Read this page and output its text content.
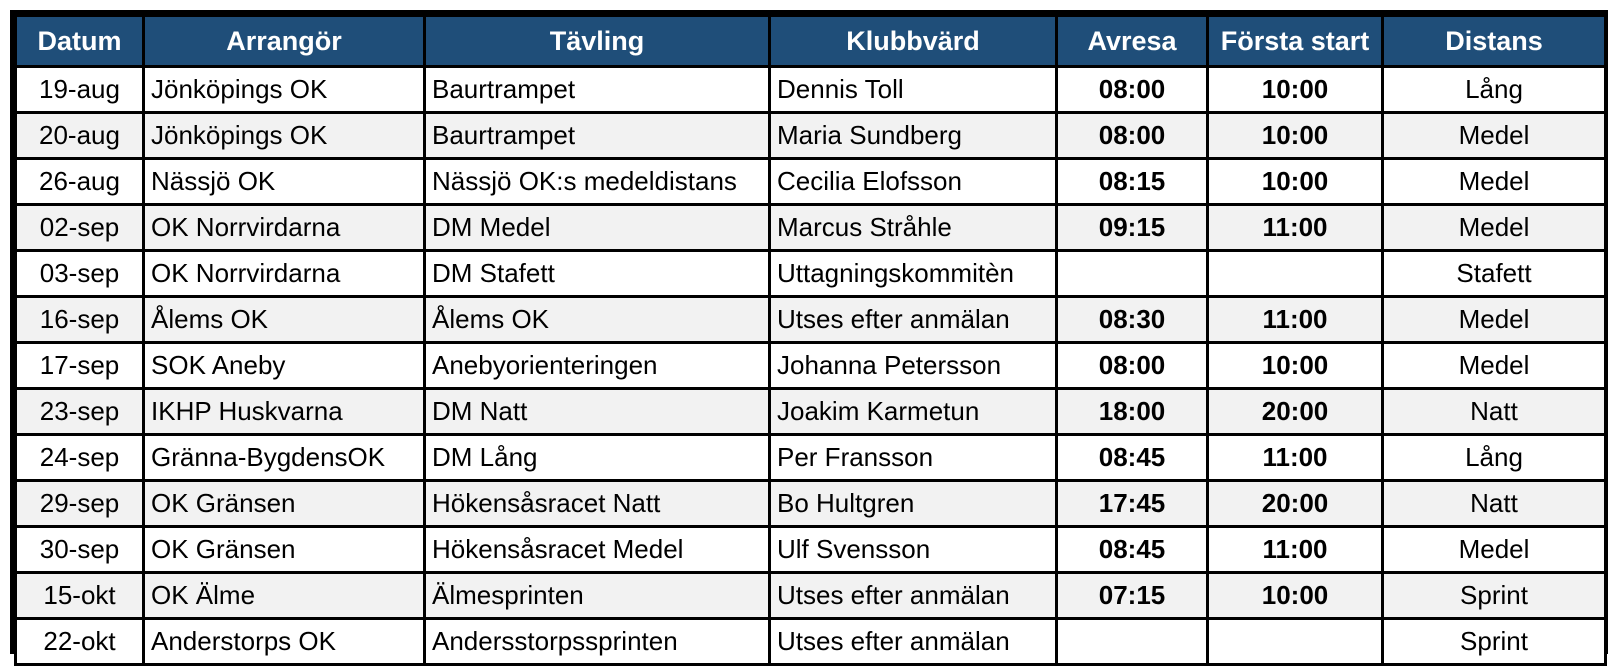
Datum	Arrangör	Tävling	Klubbvärd	Avresa	Första start	Distans
19-aug	Jönköpings OK	Baurtrampet	Dennis Toll	08:00	10:00	Lång
20-aug	Jönköpings OK	Baurtrampet	Maria Sundberg	08:00	10:00	Medel
26-aug	Nässjö OK	Nässjö OK:s medeldistans	Cecilia Elofsson	08:15	10:00	Medel
02-sep	OK Norrvirdarna	DM Medel	Marcus Stråhle	09:15	11:00	Medel
03-sep	OK Norrvirdarna	DM Stafett	Uttagningskommitèn			Stafett
16-sep	Ålems OK	Ålems OK	Utses efter anmälan	08:30	11:00	Medel
17-sep	SOK Aneby	Anebyorienteringen	Johanna Petersson	08:00	10:00	Medel
23-sep	IKHP Huskvarna	DM Natt	Joakim Karmetun	18:00	20:00	Natt
24-sep	Gränna-BygdensOK	DM Lång	Per Fransson	08:45	11:00	Lång
29-sep	OK Gränsen	Hökensåsracet Natt	Bo Hultgren	17:45	20:00	Natt
30-sep	OK Gränsen	Hökensåsracet Medel	Ulf Svensson	08:45	11:00	Medel
15-okt	OK Älme	Älmesprinten	Utses efter anmälan	07:15	10:00	Sprint
22-okt	Anderstorps OK	Andersstorpssprinten	Utses efter anmälan			Sprint
